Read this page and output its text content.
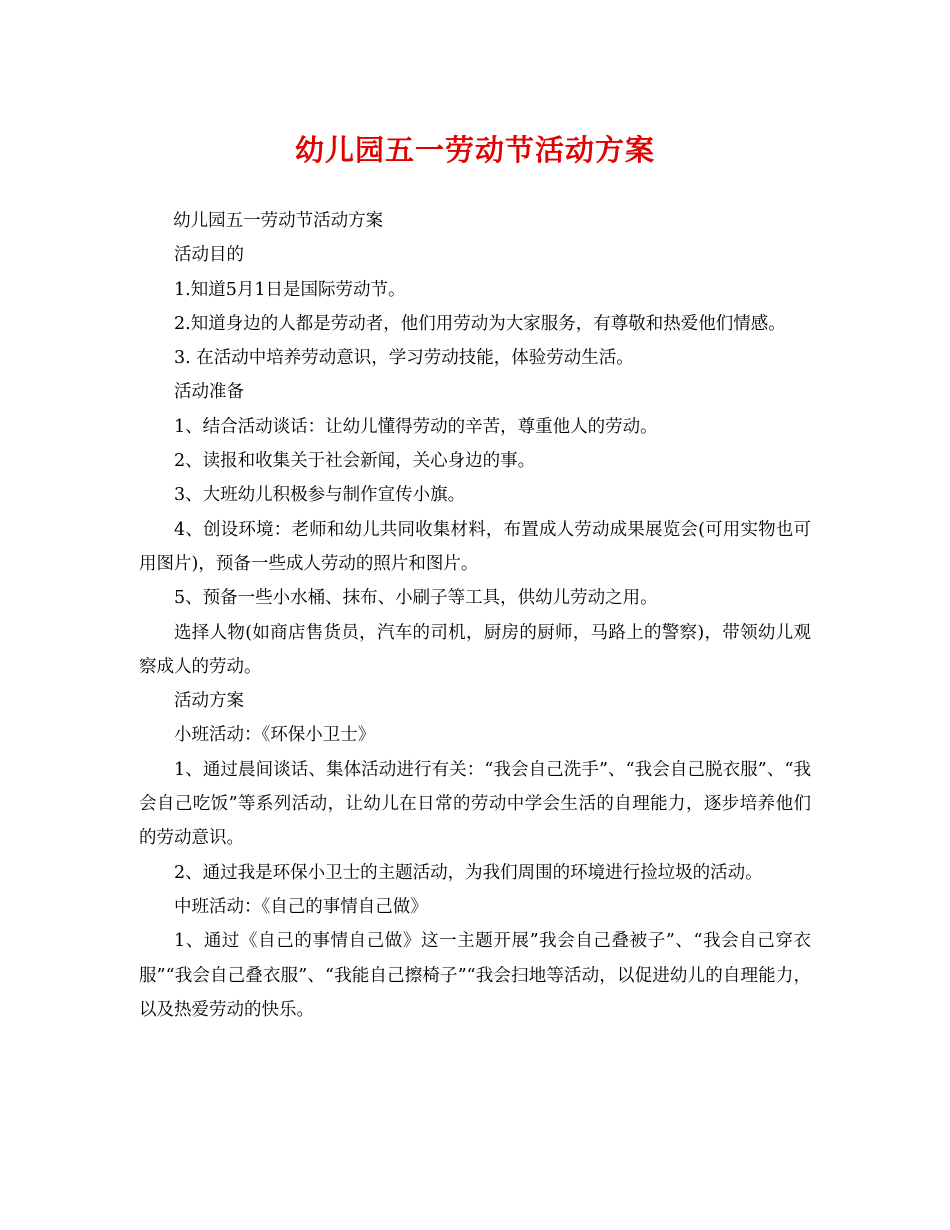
幼儿园五一劳动节活动方案

幼儿园五一劳动节活动方案

活动目的

1.知道5月1日是国际劳动节。

2.知道身边的人都是劳动者，他们用劳动为大家服务，有尊敬和热爱他们情感。

3. 在活动中培养劳动意识，学习劳动技能，体验劳动生活。

活动准备

1、结合活动谈话：让幼儿懂得劳动的辛苦，尊重他人的劳动。

2、读报和收集关于社会新闻，关心身边的事。

3、大班幼儿积极参与制作宣传小旗。

4、创设环境：老师和幼儿共同收集材料，布置成人劳动成果展览会(可用实物也可用图片)，预备一些成人劳动的照片和图片。

5、预备一些小水桶、抹布、小刷子等工具，供幼儿劳动之用。

选择人物(如商店售货员，汽车的司机，厨房的厨师，马路上的警察)，带领幼儿观察成人的劳动。

活动方案

小班活动：《环保小卫士》

1、通过晨间谈话、集体活动进行有关：“我会自己洗手”、“我会自己脱衣服”、“我会自己吃饭”等系列活动，让幼儿在日常的劳动中学会生活的自理能力，逐步培养他们的劳动意识。

2、通过我是环保小卫士的主题活动，为我们周围的环境进行捡垃圾的活动。

中班活动：《自己的事情自己做》

1、通过《自己的事情自己做》这一主题开展”我会自己叠被子”、“我会自己穿衣服”“我会自己叠衣服”、“我能自己擦椅子”“我会扫地等活动，以促进幼儿的自理能力，以及热爱劳动的快乐。
